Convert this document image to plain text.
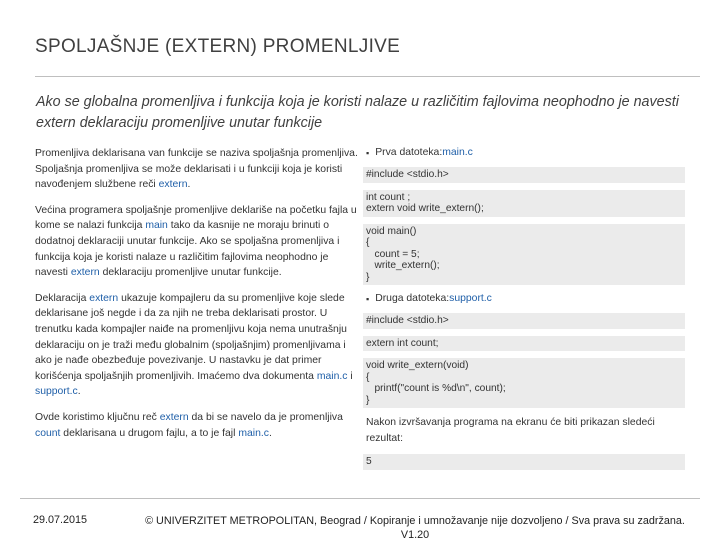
SPOLJAŠNJE (EXTERN) PROMENLJIVE
Ako se globalna promenljiva i funkcija koja je koristi nalaze u različitim fajlovima neophodno je navesti extern deklaraciju promenljive unutar funkcije

Promenljiva deklarisana van funkcije se naziva spoljašnja promenljiva. Spoljašnja promenljiva se može deklarisati i u funkciji koja je koristi navođenjem službene reči extern.

Većina programera spoljašnje promenljive deklariše na početku fajla u kome se nalazi funkcija main tako da kasnije ne moraju brinuti o dodatnoj deklaraciji unutar funkcije. Ako se spoljašna promenljiva i funkcija koja je koristi nalaze u različitim fajlovima neophodno je navesti extern deklaraciju promenljive unutar funkcije.

Deklaracija extern ukazuje kompajleru da su promenljive koje slede deklarisane još negde i da za njih ne treba deklarisati prostor. U trenutku kada kompajler naiđe na promenljivu koja nema unutrašnju deklaraciju on je traži među globalnim (spoljašnjim) promenljivama i ako je nađe obezbeđuje povezivanje. U nastavku je dat primer korišćenja spoljašnjih promenljivih. Imaćemo dva dokumenta main.c i support.c.

Ovde koristimo ključnu reč extern da bi se navelo da je promenljiva count deklarisana u drugom fajlu, a to je fajl main.c.

▪ Prva datoteka: main.c
#include <stdio.h>
int count ;
extern void write_extern();
void main()
{
count = 5;
write_extern();
}
▪ Druga datoteka: support.c
#include <stdio.h>
extern int count;
void write_extern(void)
{
printf("count is %d\n", count);
}
Nakon izvršavanja programa na ekranu će biti prikazan sledeći rezultat:
5
29.07.2015	© UNIVERZITET METROPOLITAN, Beograd / Kopiranje i umnožavanje nije dozvoljeno / Sva prava su zadržana. V1.20
